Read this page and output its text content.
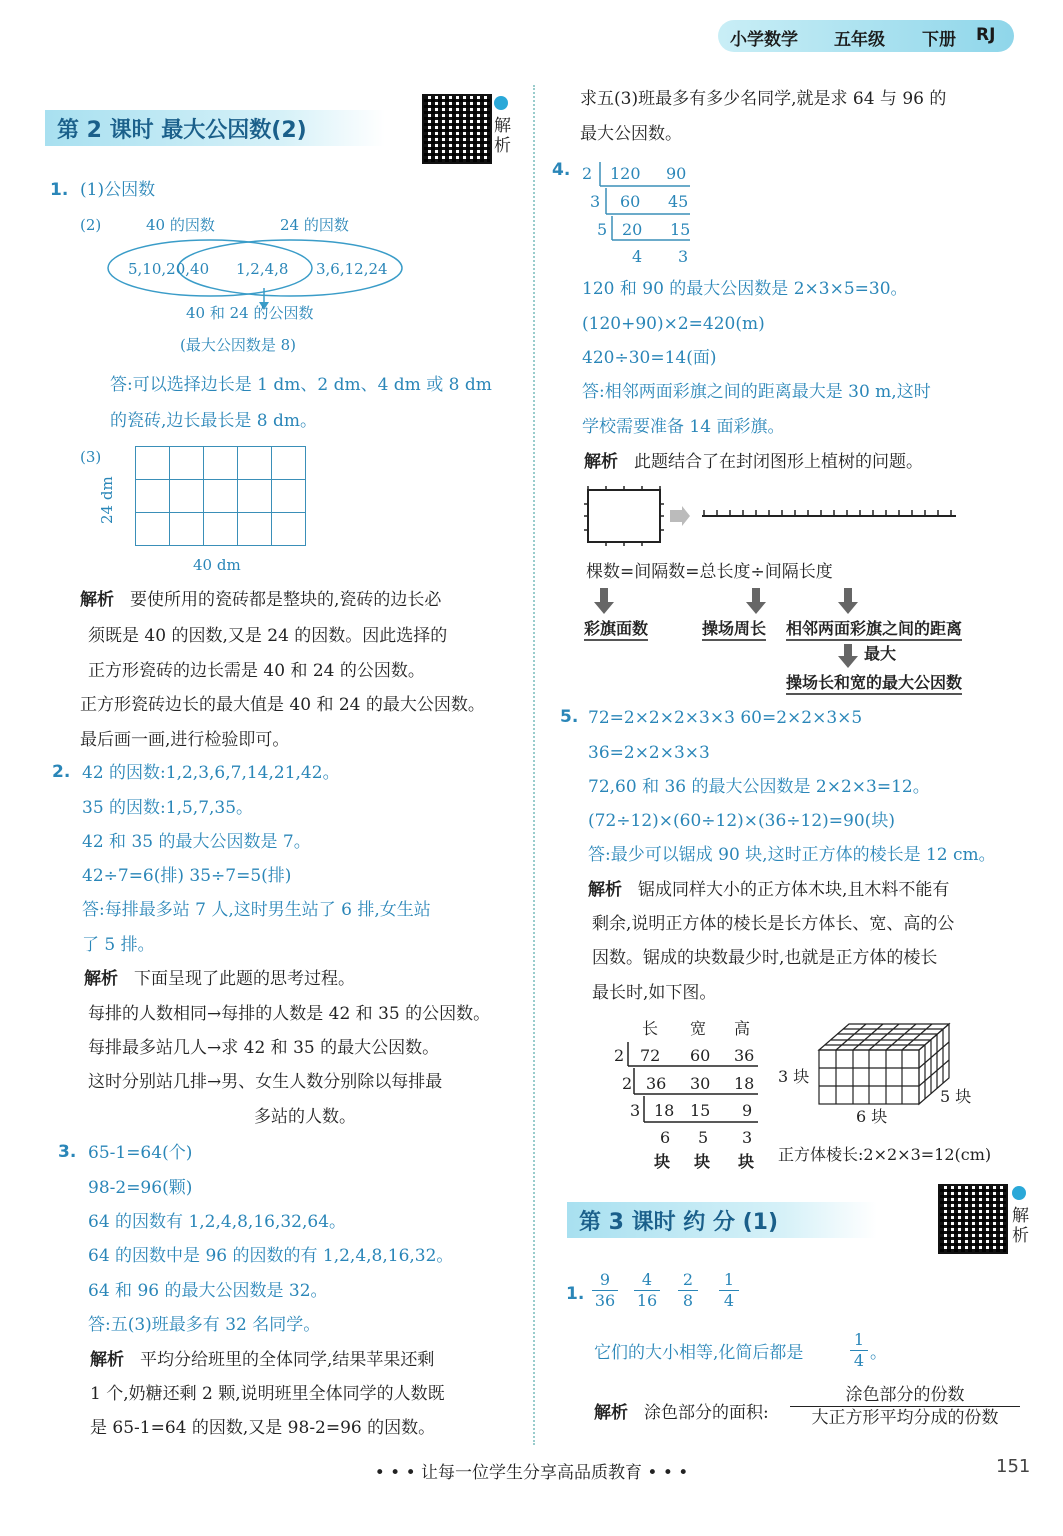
小学数学 五年级 下册 RJ
第 2 课时 最大公因数(2)	解析
1. (1)公因数
(2)	40 的因数	24 的因数
5,10,20,40 1,2,4,8 3,6,12,24
40 和 24 的公因数
(最大公因数是 8)
答:可以选择边长是 1 dm、2 dm、4 dm 或 8 dm
的瓷砖,边长最长是 8 dm。
(3)

24 dm
40 dm
解析 要使所用的瓷砖都是整块的,瓷砖的边长必
须既是 40 的因数,又是 24 的因数。因此选择的
正方形瓷砖的边长需是 40 和 24 的公因数。
正方形瓷砖边长的最大值是 40 和 24 的最大公因数。
最后画一画,进行检验即可。
2. 42 的因数:1,2,3,6,7,14,21,42。
35 的因数:1,5,7,35。
42 和 35 的最大公因数是 7。
42÷7=6(排) 35÷7=5(排)
答:每排最多站 7 人,这时男生站了 6 排,女生站
了 5 排。
解析 下面呈现了此题的思考过程。
每排的人数相同→每排的人数是 42 和 35 的公因数。
每排最多站几人→求 42 和 35 的最大公因数。
这时分别站几排→男、女生人数分别除以每排最
多站的人数。
3. 65-1=64(个)
98-2=96(颗)
64 的因数有 1,2,4,8,16,32,64。
64 的因数中是 96 的因数的有 1,2,4,8,16,32。
64 和 96 的最大公因数是 32。
答:五(3)班最多有 32 名同学。
解析 平均分给班里的全体同学,结果苹果还剩
1 个,奶糖还剩 2 颗,说明班里全体同学的人数既
是 65-1=64 的因数,又是 98-2=96 的因数。
求五(3)班最多有多少名同学,就是求 64 与 96 的
最大公因数。
4. 2 120 90
3 60 45
5 20 15
4 3
120 和 90 的最大公因数是 2×3×5=30。
(120+90)×2=420(m)
420÷30=14(面)
答:相邻两面彩旗之间的距离最大是 30 m,这时
学校需要准备 14 面彩旗。
解析 此题结合了在封闭图形上植树的问题。
棵数=间隔数=总长度÷间隔长度
彩旗面数	操场周长 相邻两面彩旗之间的距离
最大
操场长和宽的最大公因数
5. 72=2×2×2×3×3 60=2×2×3×5
36=2×2×3×3
72,60 和 36 的最大公因数是 2×2×3=12。
(72÷12)×(60÷12)×(36÷12)=90(块)
答:最少可以锯成 90 块,这时正方体的棱长是 12 cm。
解析 锯成同样大小的正方体木块,且木料不能有
剩余,说明正方体的棱长是长方体长、宽、高的公
因数。锯成的块数最少时,也就是正方体的棱长
最长时,如下图。
长 宽 高
2 72 60 36
2 36 30 18
3 18 15 9
6 5 3
块 块 块
3 块
6 块
5 块
正方体棱长:2×2×3=12(cm)
第 3 课时 约 分 (1)	解析
1. $\frac{9}{36} \frac{4}{16} \frac{2}{8} \frac{1}{4}$
它们的大小相等,化简后都是	$\frac{1}{4}$ 。
解析 涂色部分的面积:
涂色部分的份数
大正方形平均分成的份数
• • • 让每一位学生分享高品质教育 • • •	151
